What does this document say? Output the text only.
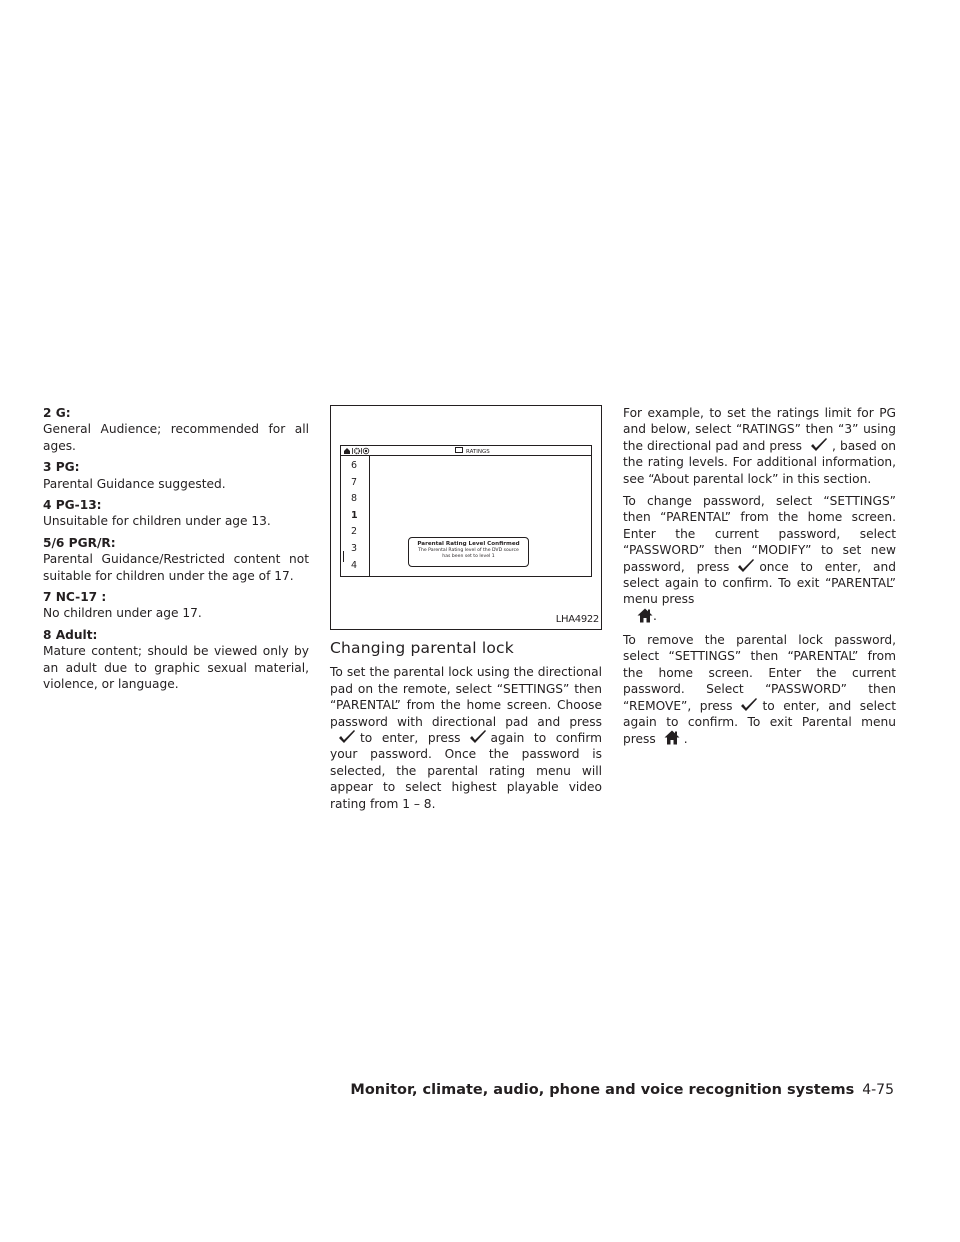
2 G:

General Audience; recommended for all ages.

3 PG:

Parental Guidance suggested.

4 PG-13:

Unsuitable for children under age 13.

5/6 PGR/R:

Parental Guidance/Restricted content not suitable for children under the age of 17.

7 NC-17 :

No children under age 17.

8 Adult:

Mature content; should be viewed only by an adult due to graphic sexual material, violence, or language.

RATINGS
6
7
8
1
2
3
4
Parental Rating Level Confirmed
The Parental Rating level of the DVD source has been set to level 1
LHA4922
Changing parental lock

To set the parental lock using the directional pad on the remote, select “SETTINGS” then “PARENTAL” from the home screen. Choose password with directional pad and pressto enter, press again to confirm your password. Once the password is selected, the parental rating menu will appear to select highest playable video rating from 1 – 8.

For example, to set the ratings limit for PG and below, select “RATINGS” then “3” using the directional pad and press , based on the rating levels. For additional information, see “About parental lock” in this section.

To change password, select “SETTINGS” then “PARENTAL” from the home screen. Enter the current password, select “PASSWORD” then “MODIFY” to set new password, press once to enter, and select again to confirm. To exit “PARENTAL” menu press

.

To remove the parental lock password, select “SETTINGS” then “PARENTAL” from the home screen. Enter the current password. Select “PASSWORD” then “REMOVE”, press to enter, and select again to confirm. To exit Parental menu press .

Monitor, climate, audio, phone and voice recognition systems 4-75
